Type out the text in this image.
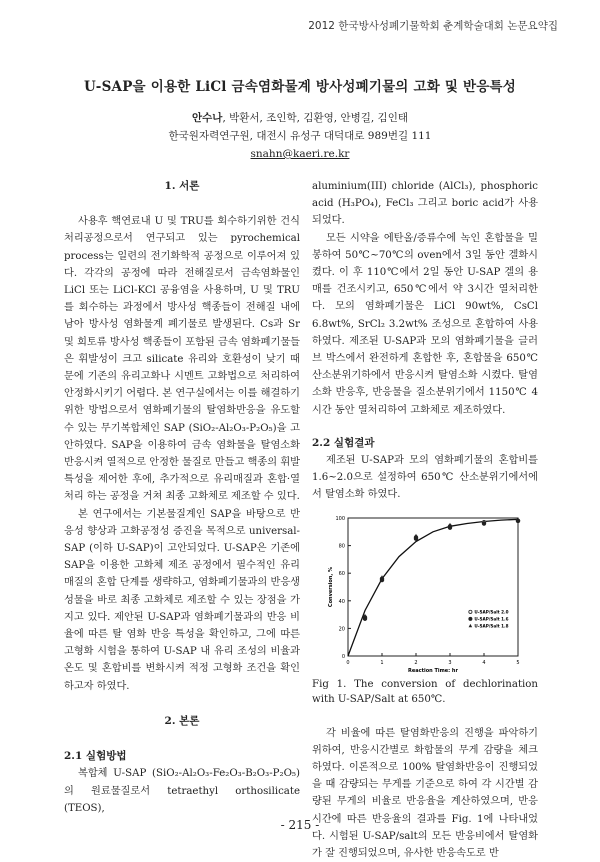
2012 한국방사성폐기물학회 춘계학술대회 논문요약집
U-SAP을 이용한 LiCl 금속염화물계 방사성폐기물의 고화 및 반응특성
안수나, 박환서, 조인학, 김환영, 안병길, 김인태
한국원자력연구원, 대전시 유성구 대덕대로 989번길 111
snahn@kaeri.re.kr
1. 서론

사용후 핵연료내 U 및 TRU를 회수하기위한 건식처리공정으로서 연구되고 있는 pyrochemical process는 일련의 전기화학적 공정으로 이루어져 있다. 각각의 공정에 따라 전해질로서 금속염화물인 LiCl 또는 LiCl-KCl 공융염을 사용하며, U 및 TRU를 회수하는 과정에서 방사성 핵종들이 전해질 내에 남아 방사성 염화물계 폐기물로 발생된다. Cs과 Sr 및 희토류 방사성 핵종들이 포함된 금속 염화폐기물들은 휘발성이 크고 silicate 유리와 호환성이 낮기 때문에 기존의 유리고화나 시멘트 고화법으로 처리하여 안정화시키기 어렵다. 본 연구실에서는 이를 해결하기 위한 방법으로서 염화폐기물의 탈염화반응을 유도할 수 있는 무기복합체인 SAP (SiO₂-Al₂O₃-P₂O₅)을 고안하였다. SAP을 이용하여 금속 염화물을 탈염소화 반응시켜 열적으로 안정한 물질로 만들고 핵종의 휘발특성을 제어한 후에, 추가적으로 유리매질과 혼합·열처리 하는 공정을 거쳐 최종 고화체로 제조할 수 있다.

본 연구에서는 기본물질계인 SAP을 바탕으로 반응성 향상과 고화공정성 증진을 목적으로 universal-SAP (이하 U-SAP)이 고안되었다. U-SAP은 기존에 SAP을 이용한 고화체 제조 공정에서 필수적인 유리매질의 혼합 단계를 생략하고, 염화폐기물과의 반응생성물을 바로 최종 고화체로 제조할 수 있는 장점을 가지고 있다. 제안된 U-SAP과 염화폐기물과의 반응 비율에 따른 탈 염화 반응 특성을 확인하고, 그에 따른 고형화 시험을 통하여 U-SAP 내 유리 조성의 비율과 온도 및 혼합비를 변화시켜 적정 고형화 조건을 확인하고자 하였다.

2. 본론

2.1 실험방법

복합체 U-SAP (SiO₂-Al₂O₃-Fe₂O₃-B₂O₃-P₂O₅)의 원료물질로서 tetraethyl orthosilicate (TEOS),

aluminium(III) chloride (AlCl₃), phosphoric acid (H₃PO₄), FeCl₃ 그리고 boric acid가 사용되었다.

모든 시약을 에탄올/증류수에 녹인 혼합물을 밀봉하여 50℃~70℃의 oven에서 3일 동안 겔화시켰다. 이 후 110℃에서 2일 동안 U-SAP 겔의 용매를 건조시키고, 650℃에서 약 3시간 열처리한다. 모의 염화폐기물은 LiCl 90wt%, CsCl 6.8wt%, SrCl₂ 3.2wt% 조성으로 혼합하여 사용하였다. 제조된 U-SAP과 모의 염화폐기물을 글러브 박스에서 완전하게 혼합한 후, 혼합물을 650℃ 산소분위기하에서 반응시켜 탈염소화 시켰다. 탈염소화 반응후, 반응물을 질소분위기에서 1150℃ 4시간 동안 열처리하여 고화체로 제조하였다.

2.2 실험결과

제조된 U-SAP과 모의 염화폐기물의 혼합비를 1.6~2.0으로 설정하여 650℃ 산소분위기에서에서 탈염소화 하였다.

0	1	2	3	4	5
0
20
40
60
80
100
Reaction Time: hr
Conversion, %
U-SAP/Salt 2.0
U-SAP/Salt 1.6
U-SAP/Salt 1.8
Fig 1. The conversion of dechlorination with U-SAP/Salt at 650℃.

각 비율에 따른 탈염화반응의 진행을 파악하기 위하여, 반응시간별로 화합물의 무게 감량을 체크하였다. 이론적으로 100% 탈염화반응이 진행되었을 때 감량되는 무게를 기준으로 하여 각 시간별 감량된 무게의 비율로 반응율을 계산하였으며, 반응시간에 따른 반응율의 결과를 Fig. 1에 나타내었다. 시험된 U-SAP/salt의 모든 반응비에서 탈염화가 잘 진행되었으며, 유사한 반응속도로 반

- 215 -
